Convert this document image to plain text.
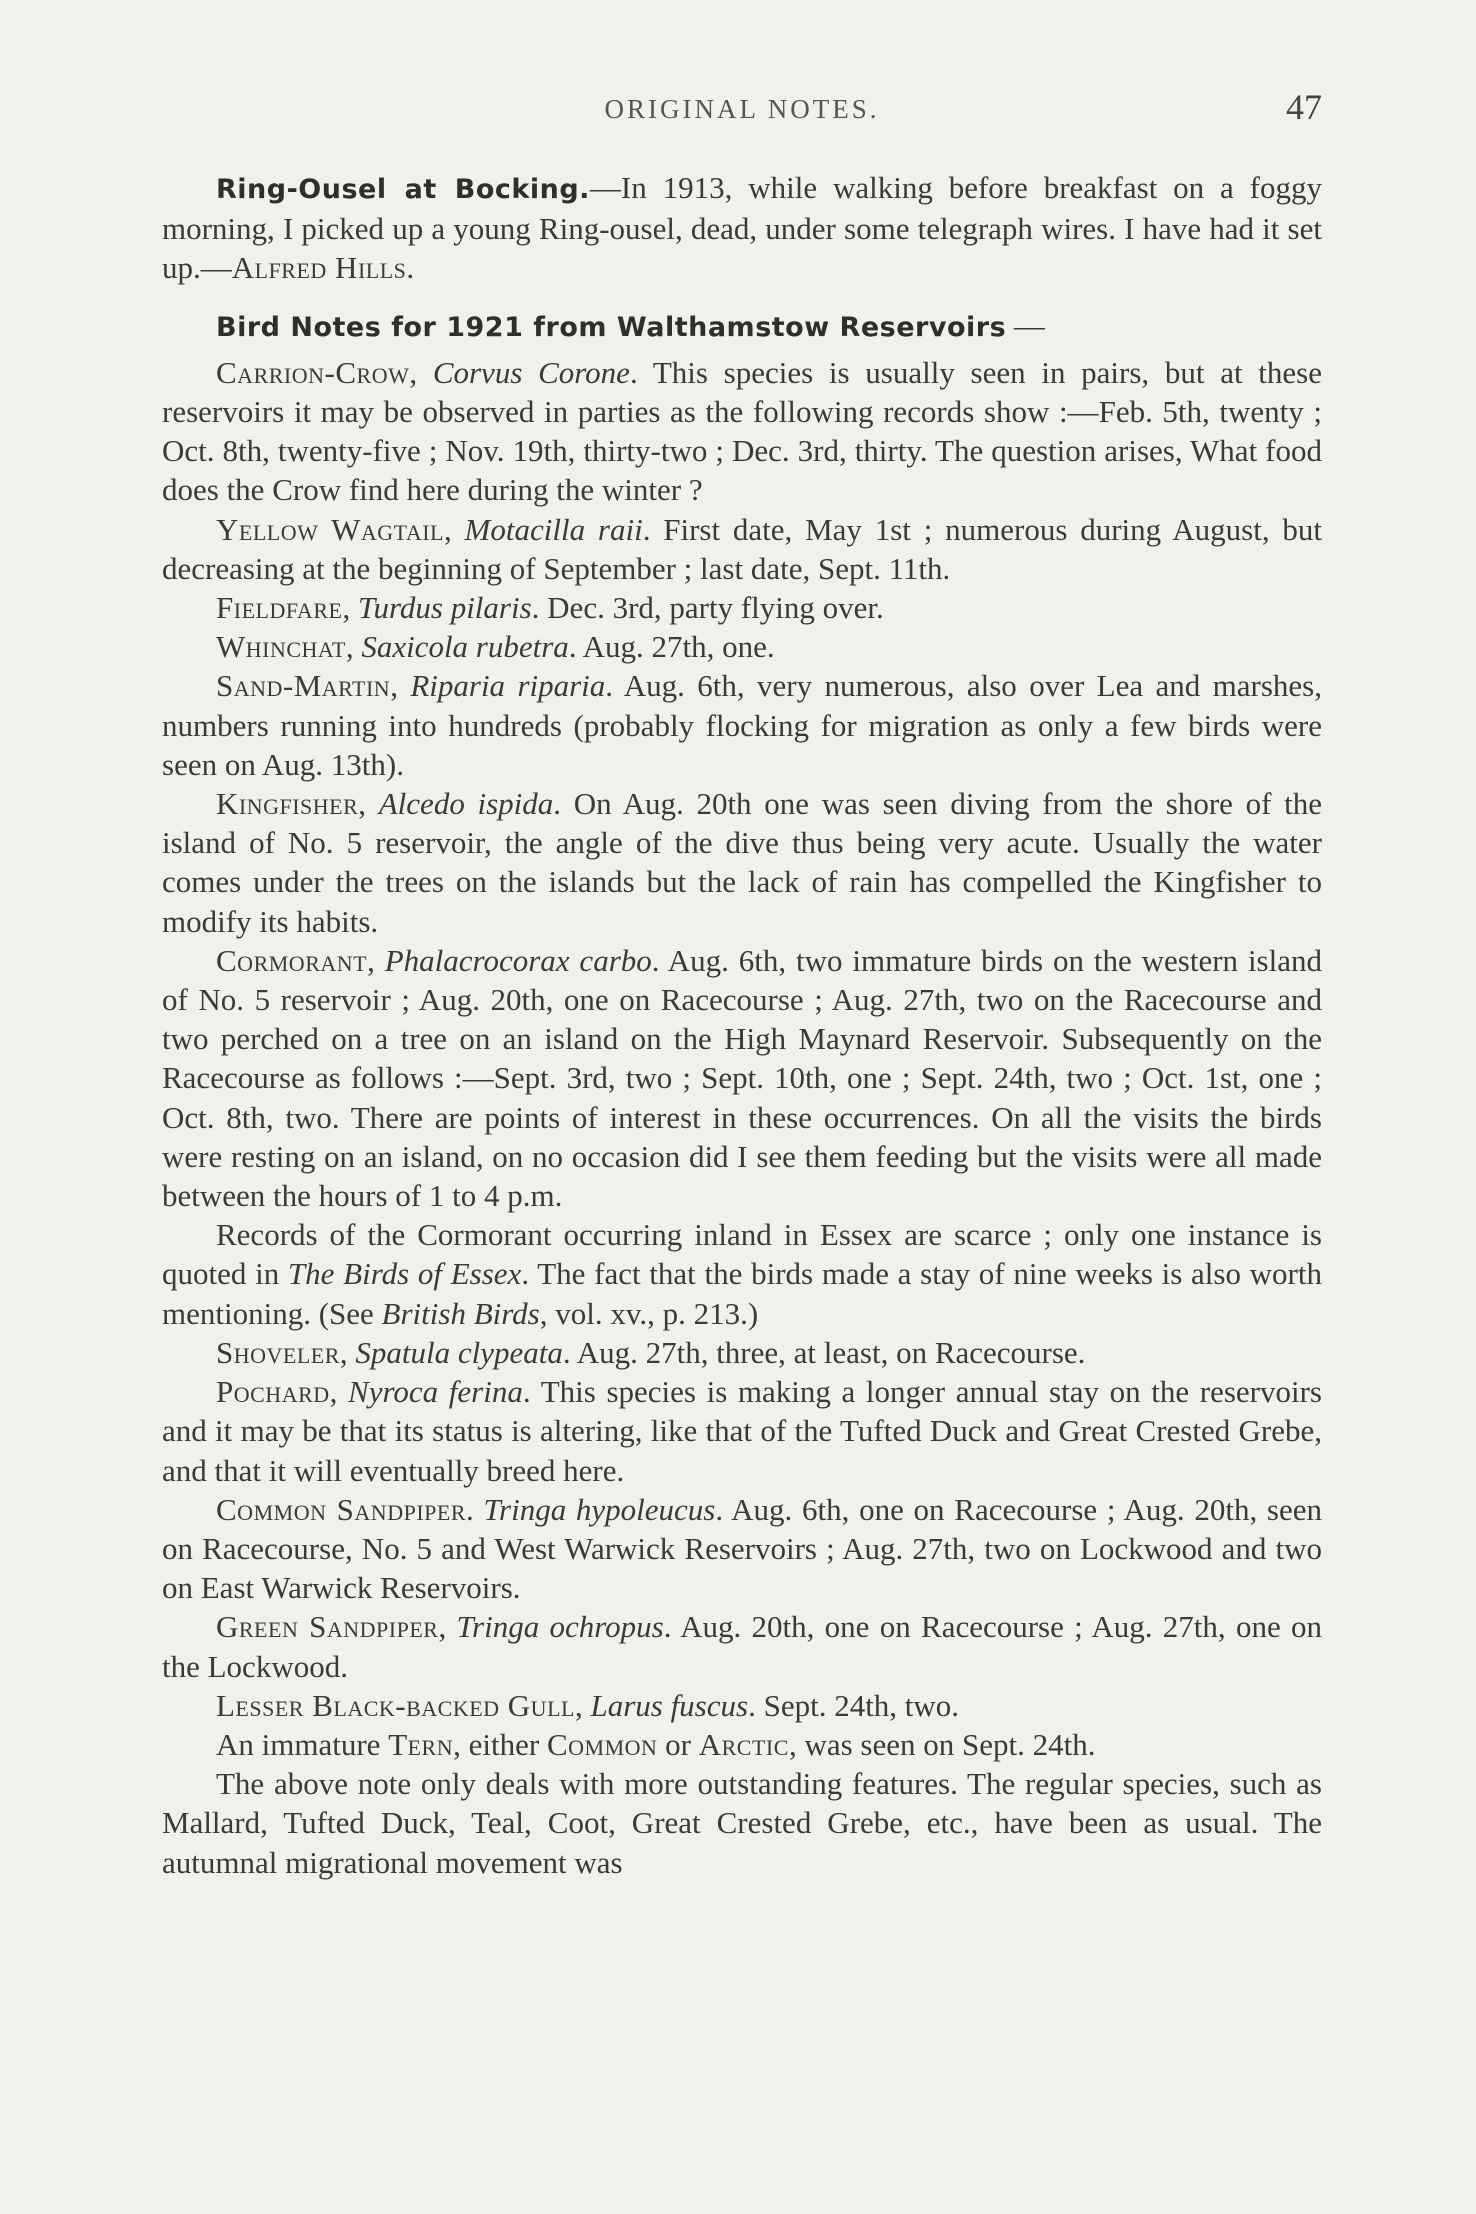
ORIGINAL NOTES.	47

Ring-Ousel at Bocking.—In 1913, while walking before breakfast on a foggy morning, I picked up a young Ring-ousel, dead, under some telegraph wires. I have had it set up.—Alfred Hills.

Bird Notes for 1921 from Walthamstow Reservoirs —

Carrion-Crow, Corvus Corone. This species is usually seen in pairs, but at these reservoirs it may be observed in parties as the following records show :—Feb. 5th, twenty ; Oct. 8th, twenty-five ; Nov. 19th, thirty-two ; Dec. 3rd, thirty. The question arises, What food does the Crow find here during the winter ?

Yellow Wagtail, Motacilla raii. First date, May 1st ; numerous during August, but decreasing at the beginning of September ; last date, Sept. 11th.

Fieldfare, Turdus pilaris. Dec. 3rd, party flying over.

Whinchat, Saxicola rubetra. Aug. 27th, one.

Sand-Martin, Riparia riparia. Aug. 6th, very numerous, also over Lea and marshes, numbers running into hundreds (probably flocking for migration as only a few birds were seen on Aug. 13th).

Kingfisher, Alcedo ispida. On Aug. 20th one was seen diving from the shore of the island of No. 5 reservoir, the angle of the dive thus being very acute. Usually the water comes under the trees on the islands but the lack of rain has compelled the Kingfisher to modify its habits.

Cormorant, Phalacrocorax carbo. Aug. 6th, two immature birds on the western island of No. 5 reservoir ; Aug. 20th, one on Racecourse ; Aug. 27th, two on the Racecourse and two perched on a tree on an island on the High Maynard Reservoir. Subsequently on the Racecourse as follows :—Sept. 3rd, two ; Sept. 10th, one ; Sept. 24th, two ; Oct. 1st, one ; Oct. 8th, two. There are points of interest in these occurrences. On all the visits the birds were resting on an island, on no occasion did I see them feeding but the visits were all made between the hours of 1 to 4 p.m.

Records of the Cormorant occurring inland in Essex are scarce ; only one instance is quoted in The Birds of Essex. The fact that the birds made a stay of nine weeks is also worth mentioning. (See British Birds, vol. xv., p. 213.)

Shoveler, Spatula clypeata. Aug. 27th, three, at least, on Racecourse.

Pochard, Nyroca ferina. This species is making a longer annual stay on the reservoirs and it may be that its status is altering, like that of the Tufted Duck and Great Crested Grebe, and that it will eventually breed here.

Common Sandpiper. Tringa hypoleucus. Aug. 6th, one on Racecourse ; Aug. 20th, seen on Racecourse, No. 5 and West Warwick Reservoirs ; Aug. 27th, two on Lockwood and two on East Warwick Reservoirs.

Green Sandpiper, Tringa ochropus. Aug. 20th, one on Racecourse ; Aug. 27th, one on the Lockwood.

Lesser Black-backed Gull, Larus fuscus. Sept. 24th, two.

An immature Tern, either Common or Arctic, was seen on Sept. 24th.

The above note only deals with more outstanding features. The regular species, such as Mallard, Tufted Duck, Teal, Coot, Great Crested Grebe, etc., have been as usual. The autumnal migrational movement was
